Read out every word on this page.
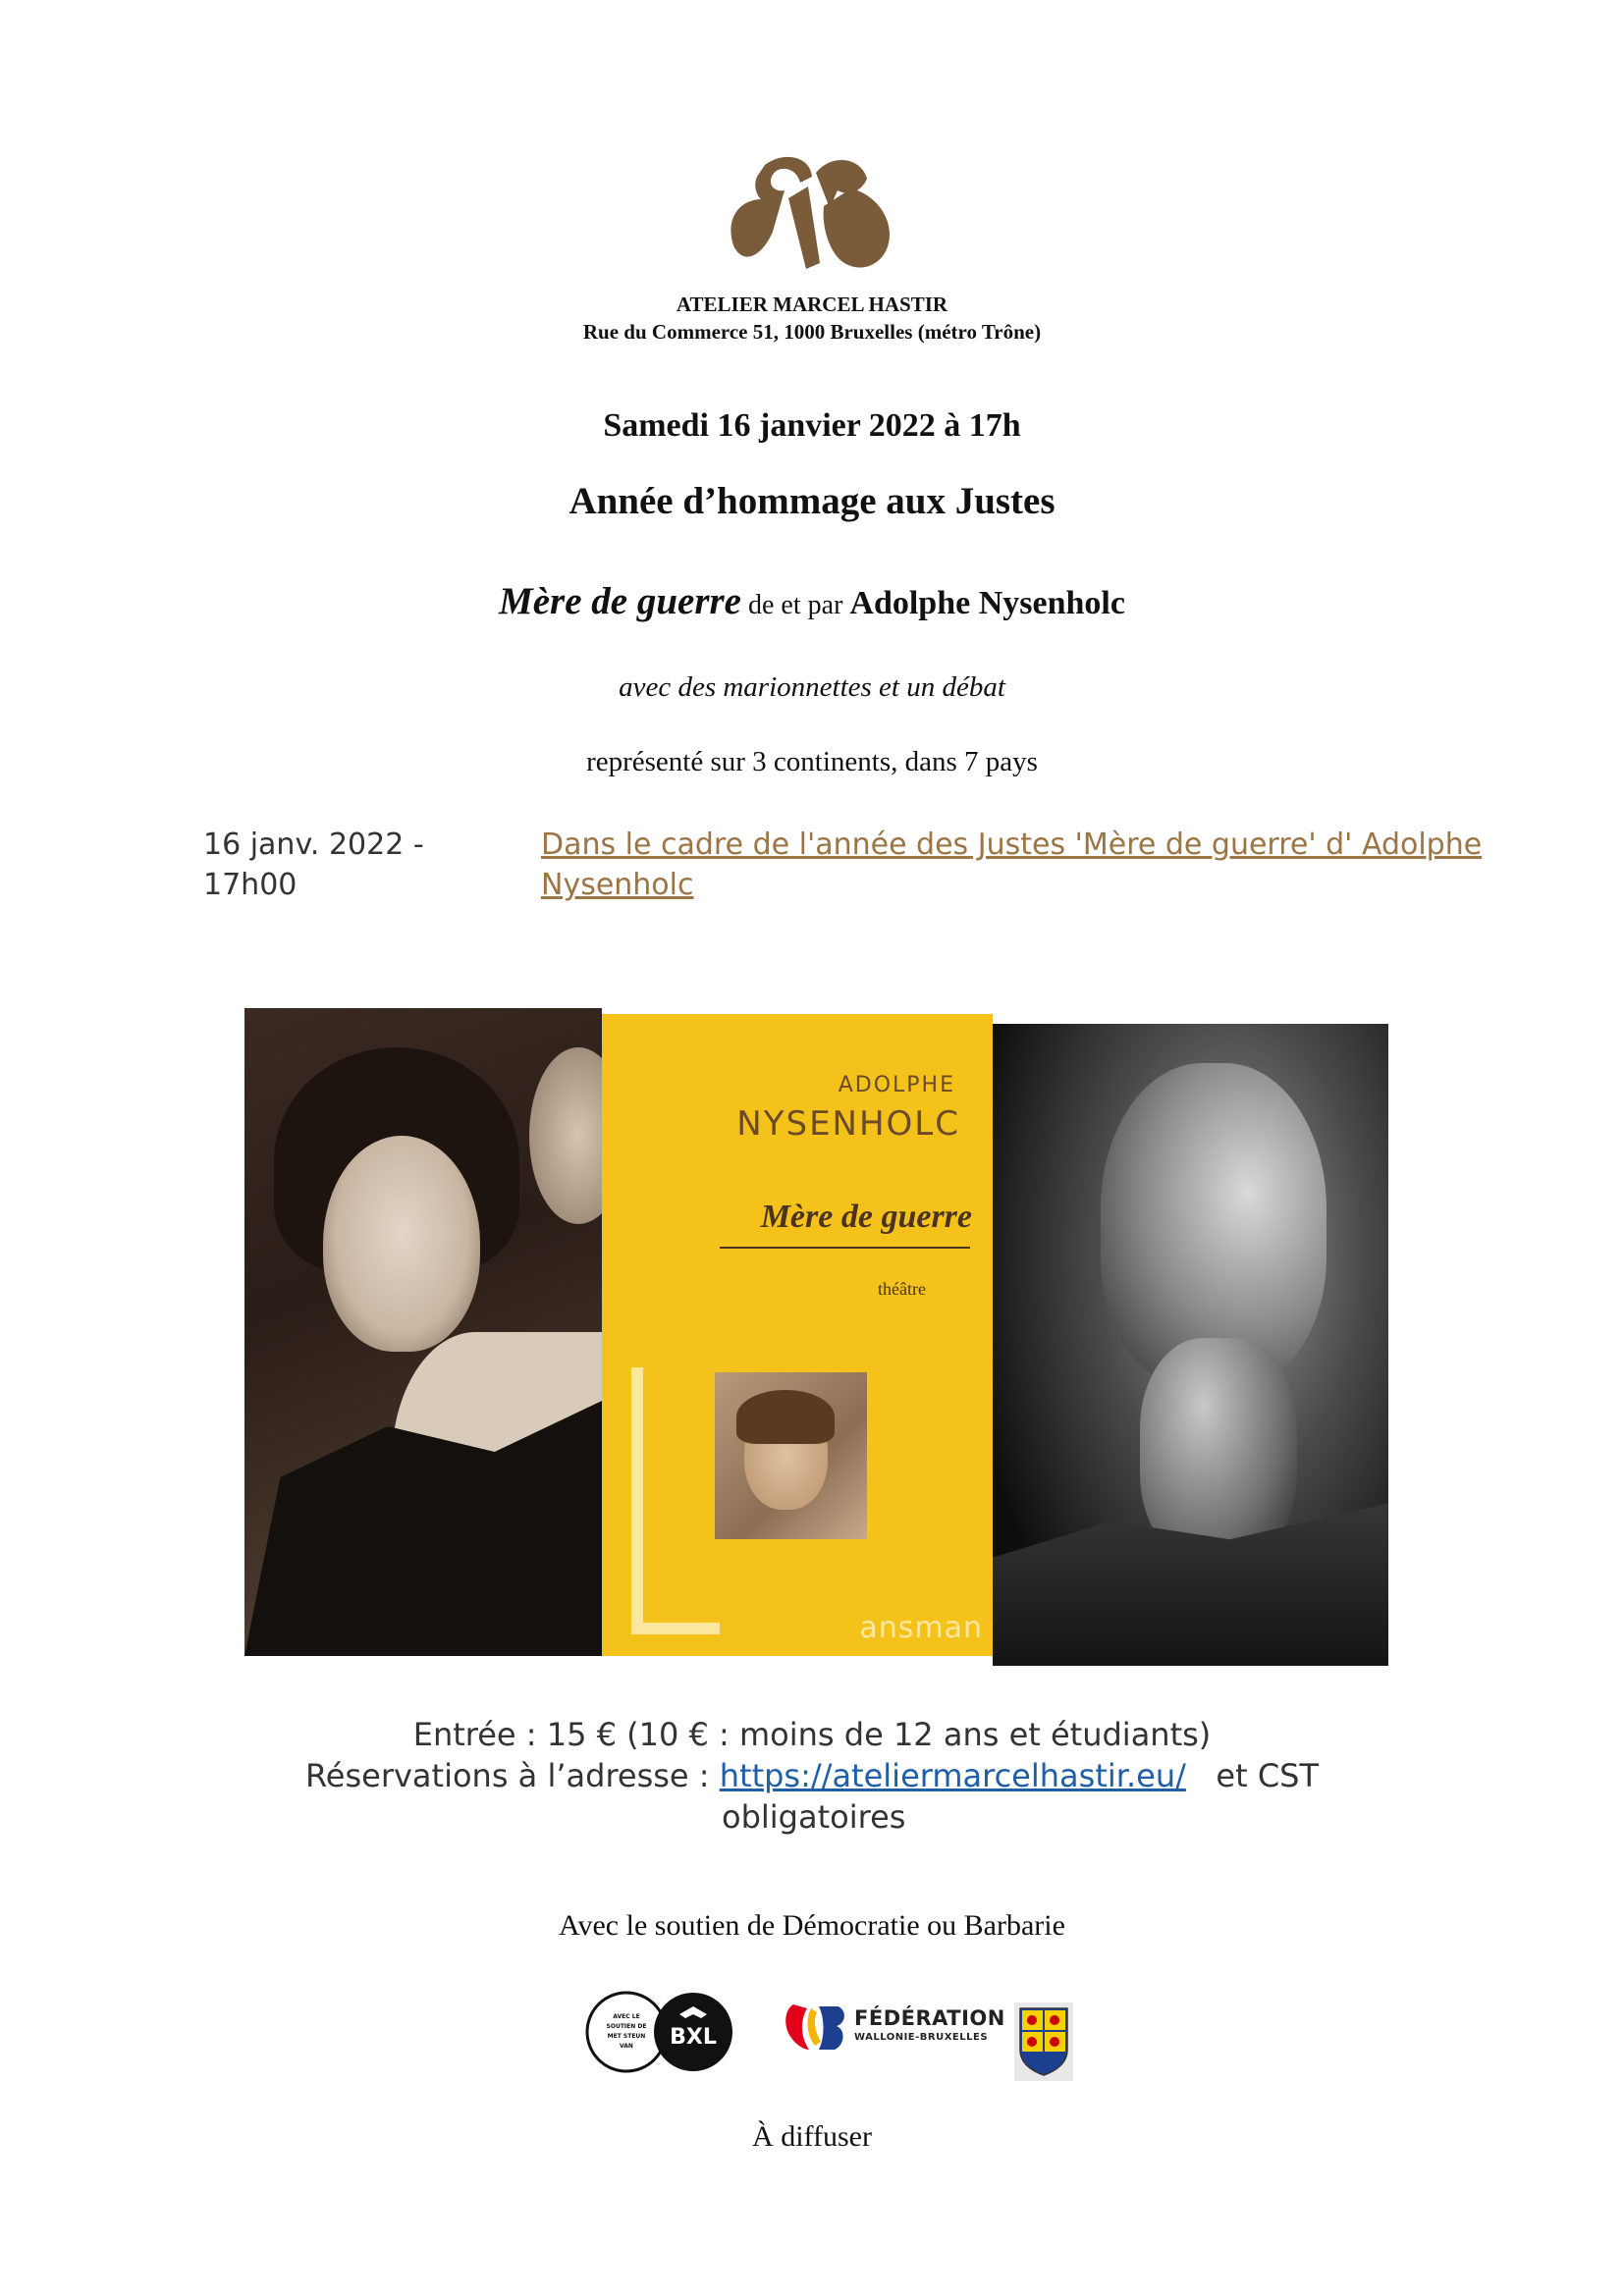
ATELIER MARCEL HASTIR
Rue du Commerce 51, 1000 Bruxelles (métro Trône)
Samedi 16 janvier 2022 à 17h
Année d’hommage aux Justes
Mère de guerre de et par Adolphe Nysenholc
avec des marionnettes et un débat
représenté sur 3 continents, dans 7 pays
16 janv. 2022 - 17h00
Dans le cadre de l'année des Justes 'Mère de guerre' d' Adolphe Nysenholc
ADOLPHE
NYSENHOLC
Mère de guerre
théâtre
ansman
Entrée : 15 € (10 € : moins de 12 ans et étudiants)
Réservations à l’adresse : https://ateliermarcelhastir.eu/   et CST
obligatoires
Avec le soutien de Démocratie ou Barbarie
AVEC LE
SOUTIEN DE
MET STEUN
VAN BXL
FÉDÉRATION
WALLONIE-BRUXELLES
À diffuser
